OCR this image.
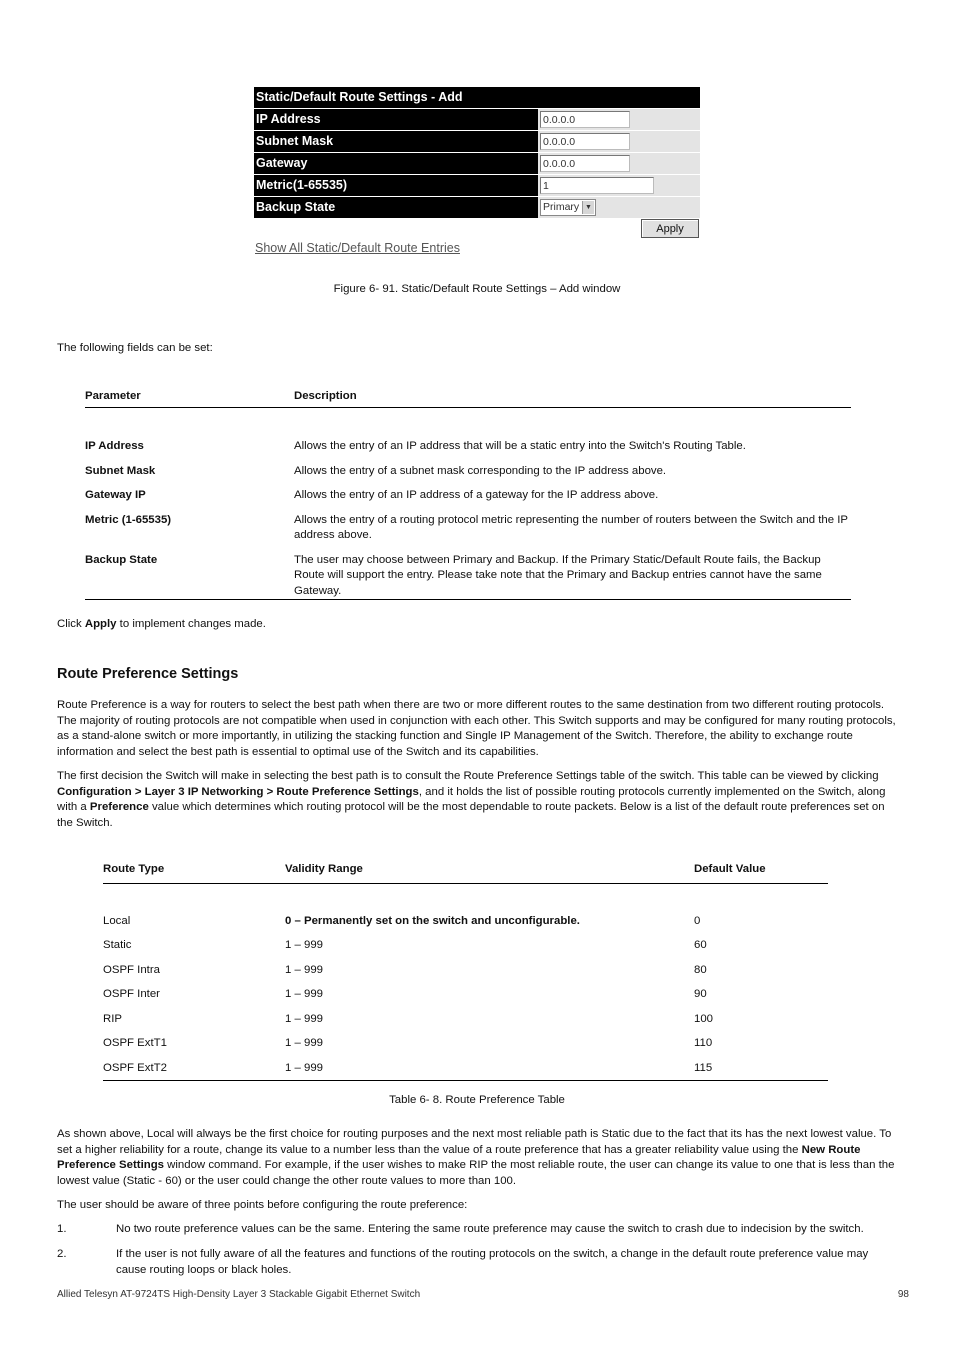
Static/Default Route Settings - Add
IP Address	0.0.0.0
Subnet Mask	0.0.0.0
Gateway	0.0.0.0
Metric(1-65535)	1
Backup State	Primary ▼
Apply
Show All Static/Default Route Entries
Figure 6- 91. Static/Default Route Settings – Add window
The following fields can be set:
Parameter	Description

IP Address	Allows the entry of an IP address that will be a static entry into the Switch's Routing Table.
Subnet Mask	Allows the entry of a subnet mask corresponding to the IP address above.
Gateway IP	Allows the entry of an IP address of a gateway for the IP address above.
Metric (1-65535)	Allows the entry of a routing protocol metric representing the number of routers between the Switch and the IP address above.
Backup State	The user may choose between Primary and Backup. If the Primary Static/Default Route fails, the Backup Route will support the entry. Please take note that the Primary and Backup entries cannot have the same Gateway.
Click Apply to implement changes made.
Route Preference Settings
Route Preference is a way for routers to select the best path when there are two or more different routes to the same destination from two different routing protocols. The majority of routing protocols are not compatible when used in conjunction with each other. This Switch supports and may be configured for many routing protocols, as a stand-alone switch or more importantly, in utilizing the stacking function and Single IP Management of the Switch. Therefore, the ability to exchange route information and select the best path is essential to optimal use of the Switch and its capabilities.
The first decision the Switch will make in selecting the best path is to consult the Route Preference Settings table of the switch. This table can be viewed by clicking Configuration > Layer 3 IP Networking > Route Preference Settings, and it holds the list of possible routing protocols currently implemented on the Switch, along with a Preference value which determines which routing protocol will be the most dependable to route packets. Below is a list of the default route preferences set on the Switch.
Route Type	Validity Range	Default Value

Local	0 – Permanently set on the switch and unconfigurable.	0
Static	1 – 999	60
OSPF Intra	1 – 999	80
OSPF Inter	1 – 999	90
RIP	1 – 999	100
OSPF ExtT1	1 – 999	110
OSPF ExtT2	1 – 999	115
Table 6- 8. Route Preference Table
As shown above, Local will always be the first choice for routing purposes and the next most reliable path is Static due to the fact that its has the next lowest value. To set a higher reliability for a route, change its value to a number less than the value of a route preference that has a greater reliability value using the New Route Preference Settings window command. For example, if the user wishes to make RIP the most reliable route, the user can change its value to one that is less than the lowest value (Static - 60) or the user could change the other route values to more than 100.
The user should be aware of three points before configuring the route preference:
1.	No two route preference values can be the same. Entering the same route preference may cause the switch to crash due to indecision by the switch.
2.	If the user is not fully aware of all the features and functions of the routing protocols on the switch, a change in the default route preference value may cause routing loops or black holes.
Allied Telesyn AT-9724TS High-Density Layer 3 Stackable Gigabit Ethernet Switch	98
